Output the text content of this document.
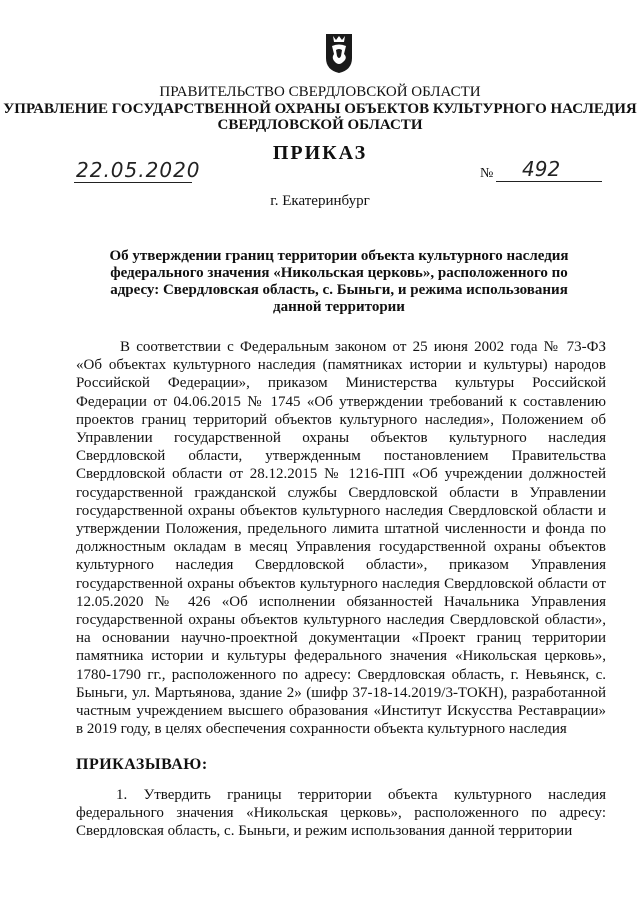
ПРАВИТЕЛЬСТВО СВЕРДЛОВСКОЙ ОБЛАСТИ
УПРАВЛЕНИЕ ГОСУДАРСТВЕННОЙ ОХРАНЫ ОБЪЕКТОВ КУЛЬТУРНОГО НАСЛЕДИЯ СВЕРДЛОВСКОЙ ОБЛАСТИ
ПРИКАЗ
22.05.2020	№ 492
г. Екатеринбург
Об утверждении границ территории объекта культурного наследия федерального значения «Никольская церковь», расположенного по адресу: Свердловская область, с. Быньги, и режима использования данной территории
В соответствии с Федеральным законом от 25 июня 2002 года № 73-ФЗ «Об объектах культурного наследия (памятниках истории и культуры) народов Российской Федерации», приказом Министерства культуры Российской Федерации от 04.06.2015 № 1745 «Об утверждении требований к составлению проектов границ территорий объектов культурного наследия», Положением об Управлении государственной охраны объектов культурного наследия Свердловской области, утвержденным постановлением Правительства Свердловской области от 28.12.2015 № 1216-ПП «Об учреждении должностей государственной гражданской службы Свердловской области в Управлении государственной охраны объектов культурного наследия Свердловской области и утверждении Положения, предельного лимита штатной численности и фонда по должностным окладам в месяц Управления государственной охраны объектов культурного наследия Свердловской области», приказом Управления государственной охраны объектов культурного наследия Свердловской области от 12.05.2020 № 426 «Об исполнении обязанностей Начальника Управления государственной охраны объектов культурного наследия Свердловской области», на основании научно-проектной документации «Проект границ территории памятника истории и культуры федерального значения «Никольская церковь», 1780-1790 гг., расположенного по адресу: Свердловская область, г. Невьянск, с. Быньги, ул. Мартьянова, здание 2» (шифр 37-18-14.2019/3-ТОКН), разработанной частным учреждением высшего образования «Институт Искусства Реставрации» в 2019 году, в целях обеспечения сохранности объекта культурного наследия
ПРИКАЗЫВАЮ:
1. Утвердить границы территории объекта культурного наследия федерального значения «Никольская церковь», расположенного по адресу: Свердловская область, с. Быньги, и режим использования данной территории
